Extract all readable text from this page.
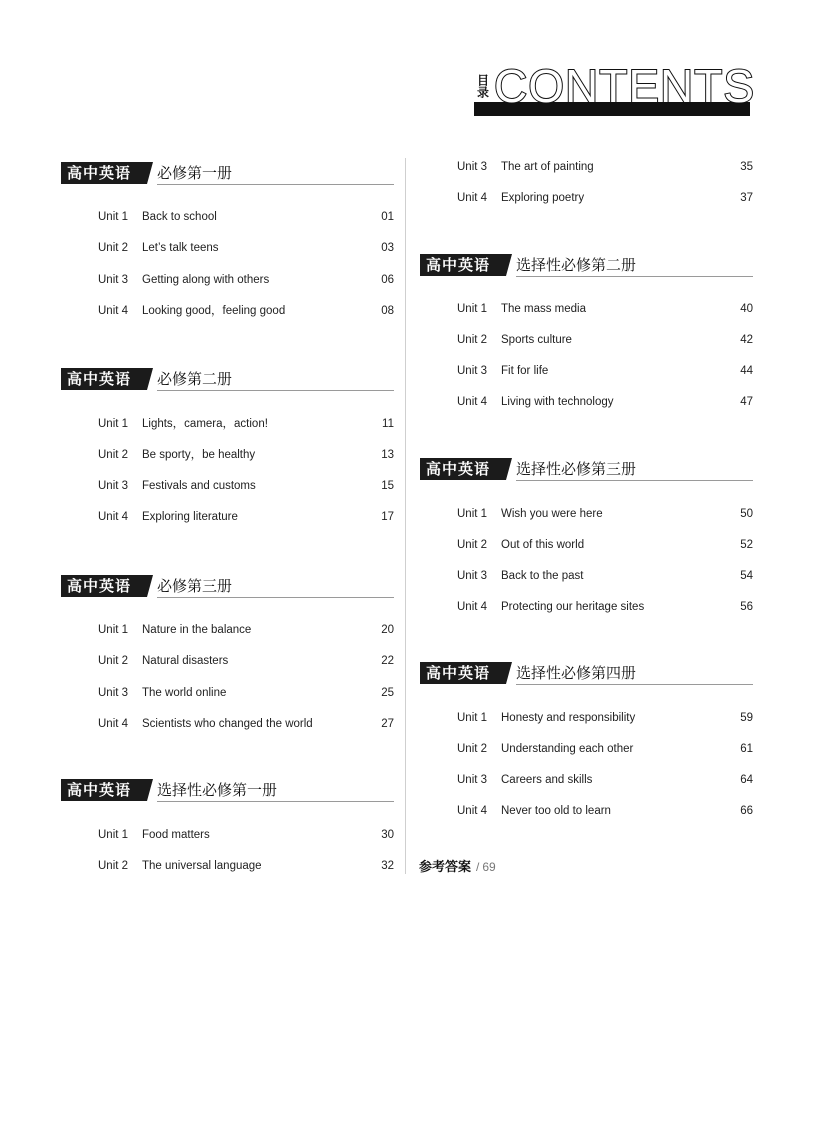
目录 CONTENTS
高中英语 必修第一册
Unit 1 Back to school	01
Unit 2 Let’s talk teens	03
Unit 3 Getting along with others	06
Unit 4 Looking good，feeling good	08
高中英语 必修第二册
Unit 1 Lights，camera，action!	11
Unit 2 Be sporty，be healthy	13
Unit 3 Festivals and customs	15
Unit 4 Exploring literature	17
高中英语 必修第三册
Unit 1 Nature in the balance	20
Unit 2 Natural disasters	22
Unit 3 The world online	25
Unit 4 Scientists who changed the world	27
高中英语 选择性必修第一册
Unit 1 Food matters	30
Unit 2 The universal language	32
Unit 3 The art of painting	35
Unit 4 Exploring poetry	37
高中英语 选择性必修第二册
Unit 1 The mass media	40
Unit 2 Sports culture	42
Unit 3 Fit for life	44
Unit 4 Living with technology	47
高中英语 选择性必修第三册
Unit 1 Wish you were here	50
Unit 2 Out of this world	52
Unit 3 Back to the past	54
Unit 4 Protecting our heritage sites	56
高中英语 选择性必修第四册
Unit 1 Honesty and responsibility	59
Unit 2 Understanding each other	61
Unit 3 Careers and skills	64
Unit 4 Never too old to learn	66
参考答案 / 69
